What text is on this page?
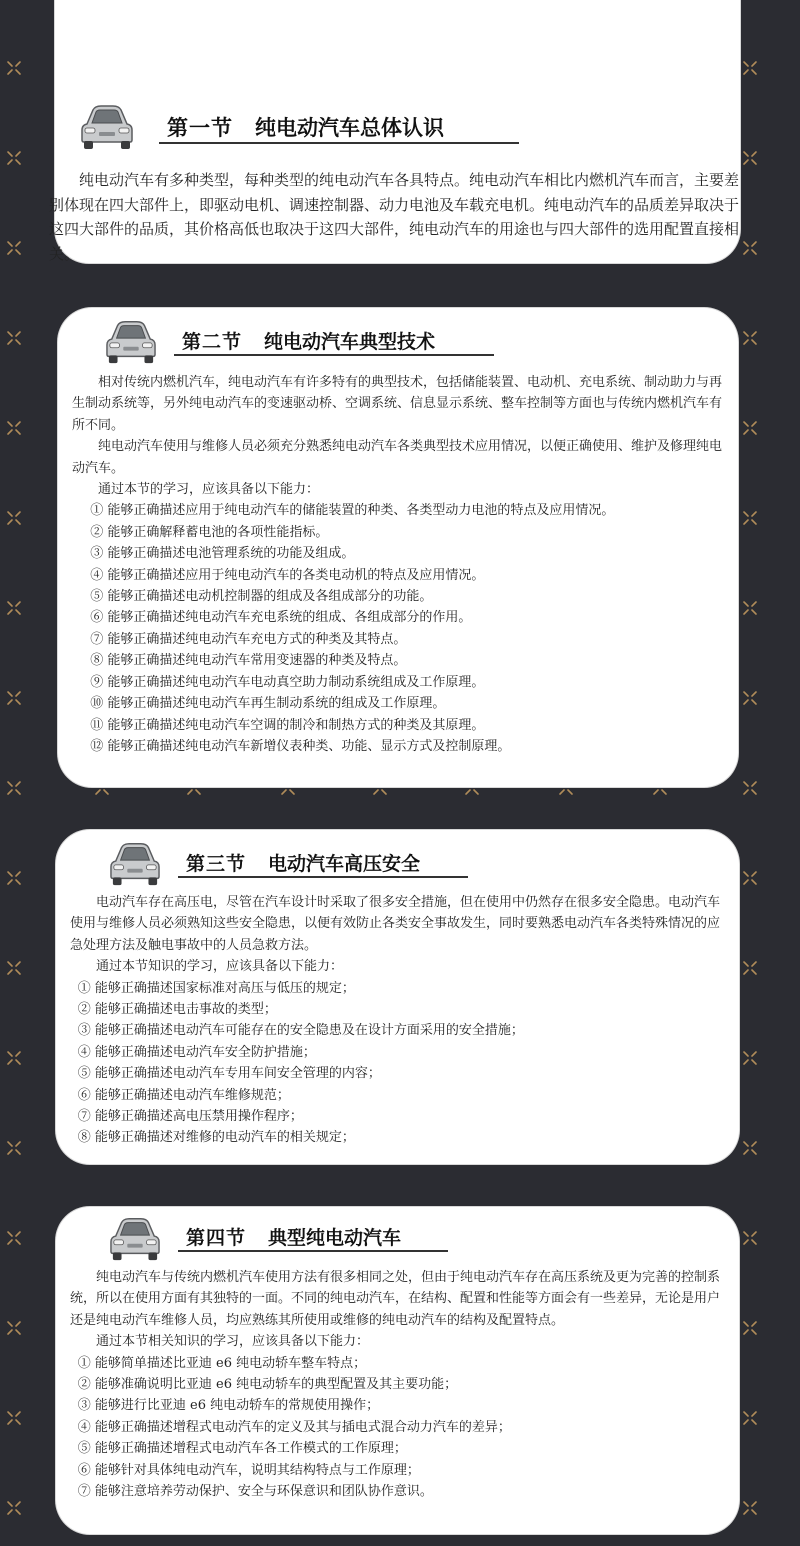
第一节 纯电动汽车总体认识

纯电动汽车有多种类型，每种类型的纯电动汽车各具特点。纯电动汽车相比内燃机汽车而言，主要差别体现在四大部件上，即驱动电机、调速控制器、动力电池及车载充电机。纯电动汽车的品质差异取决于这四大部件的品质，其价格高低也取决于这四大部件，纯电动汽车的用途也与四大部件的选用配置直接相关。

第二节 纯电动汽车典型技术

相对传统内燃机汽车，纯电动汽车有许多特有的典型技术，包括储能装置、电动机、充电系统、制动助力与再生制动系统等，另外纯电动汽车的变速驱动桥、空调系统、信息显示系统、整车控制等方面也与传统内燃机汽车有所不同。

纯电动汽车使用与维修人员必须充分熟悉纯电动汽车各类典型技术应用情况，以便正确使用、维护及修理纯电动汽车。

通过本节的学习，应该具备以下能力：

① 能够正确描述应用于纯电动汽车的储能装置的种类、各类型动力电池的特点及应用情况。
② 能够正确解释蓄电池的各项性能指标。
③ 能够正确描述电池管理系统的功能及组成。
④ 能够正确描述应用于纯电动汽车的各类电动机的特点及应用情况。
⑤ 能够正确描述电动机控制器的组成及各组成部分的功能。
⑥ 能够正确描述纯电动汽车充电系统的组成、各组成部分的作用。
⑦ 能够正确描述纯电动汽车充电方式的种类及其特点。
⑧ 能够正确描述纯电动汽车常用变速器的种类及特点。
⑨ 能够正确描述纯电动汽车电动真空助力制动系统组成及工作原理。
⑩ 能够正确描述纯电动汽车再生制动系统的组成及工作原理。
⑪ 能够正确描述纯电动汽车空调的制冷和制热方式的种类及其原理。
⑫ 能够正确描述纯电动汽车新增仪表种类、功能、显示方式及控制原理。
第三节 电动汽车高压安全

电动汽车存在高压电，尽管在汽车设计时采取了很多安全措施，但在使用中仍然存在很多安全隐患。电动汽车使用与维修人员必须熟知这些安全隐患，以便有效防止各类安全事故发生，同时要熟悉电动汽车各类特殊情况的应急处理方法及触电事故中的人员急救方法。

通过本节知识的学习，应该具备以下能力：

① 能够正确描述国家标准对高压与低压的规定；
② 能够正确描述电击事故的类型；
③ 能够正确描述电动汽车可能存在的安全隐患及在设计方面采用的安全措施；
④ 能够正确描述电动汽车安全防护措施；
⑤ 能够正确描述电动汽车专用车间安全管理的内容；
⑥ 能够正确描述电动汽车维修规范；
⑦ 能够正确描述高电压禁用操作程序；
⑧ 能够正确描述对维修的电动汽车的相关规定；
第四节 典型纯电动汽车

纯电动汽车与传统内燃机汽车使用方法有很多相同之处，但由于纯电动汽车存在高压系统及更为完善的控制系统，所以在使用方面有其独特的一面。不同的纯电动汽车，在结构、配置和性能等方面会有一些差异，无论是用户还是纯电动汽车维修人员，均应熟练其所使用或维修的纯电动汽车的结构及配置特点。

通过本节相关知识的学习，应该具备以下能力：

① 能够简单描述比亚迪 e6 纯电动轿车整车特点；
② 能够准确说明比亚迪 e6 纯电动轿车的典型配置及其主要功能；
③ 能够进行比亚迪 e6 纯电动轿车的常规使用操作；
④ 能够正确描述增程式电动汽车的定义及其与插电式混合动力汽车的差异；
⑤ 能够正确描述增程式电动汽车各工作模式的工作原理；
⑥ 能够针对具体纯电动汽车，说明其结构特点与工作原理；
⑦ 能够注意培养劳动保护、安全与环保意识和团队协作意识。
